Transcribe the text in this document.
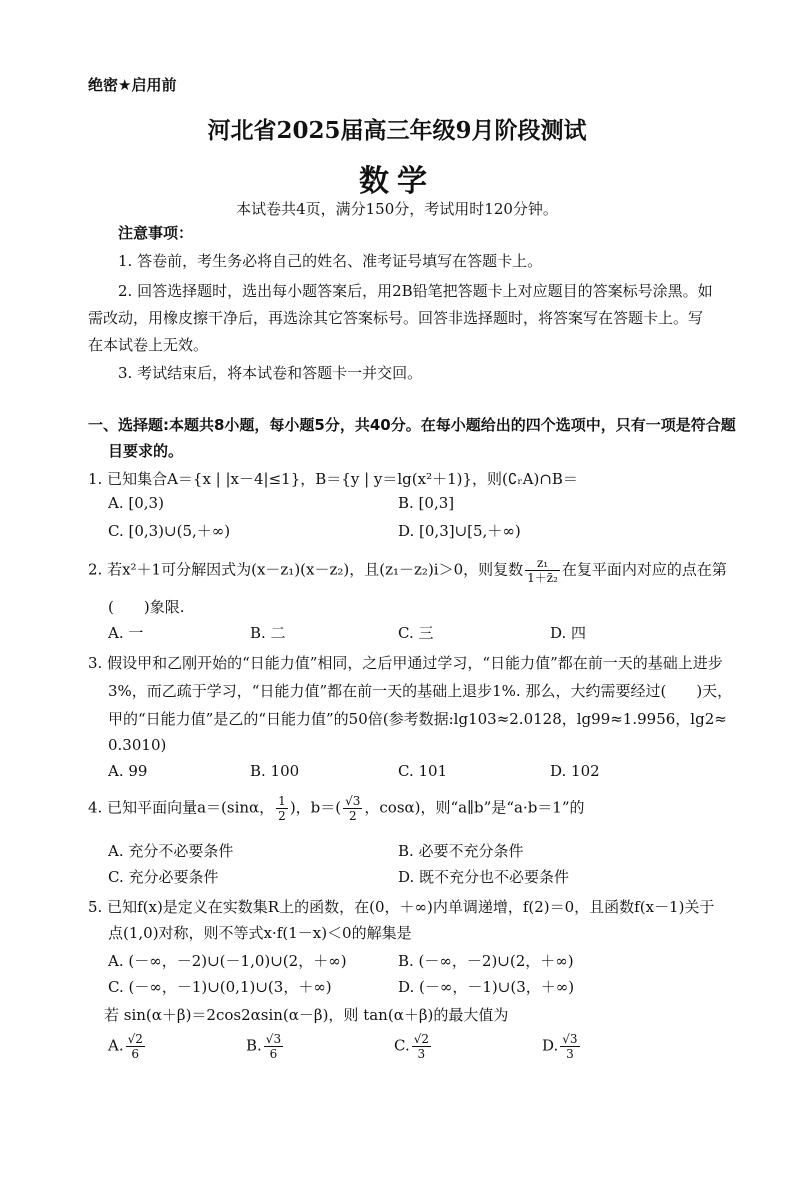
绝密★启用前
河北省2025届高三年级9月阶段测试
数学
本试卷共4页，满分150分，考试用时120分钟。
注意事项：
1. 答卷前，考生务必将自己的姓名、准考证号填写在答题卡上。
2. 回答选择题时，选出每小题答案后，用2B铅笔把答题卡上对应题目的答案标号涂黑。如
需改动，用橡皮擦干净后，再选涂其它答案标号。回答非选择题时，将答案写在答题卡上。写
在本试卷上无效。
3. 考试结束后，将本试卷和答题卡一并交回。
一、选择题:本题共8小题，每小题5分，共40分。在每小题给出的四个选项中，只有一项是符合题
目要求的。
1. 已知集合A＝{x | |x－4|≤1}，B＝{y | y＝lg(x²＋1)}，则(∁ᵣA)∩B＝
A. [0,3)	B. [0,3]
C. [0,3)∪(5,＋∞)	D. [0,3]∪[5,＋∞)
2. 若x²＋1可分解因式为(x－z₁)(x－z₂)，且(z₁－z₂)i＞0，则复数 $\frac{\text{z₁}}{\text{1＋z̄₂}}$ 在复平面内对应的点在第
(　　)象限.
A. 一	B. 二	C. 三	D. 四
3. 假设甲和乙刚开始的“日能力值”相同，之后甲通过学习，“日能力值”都在前一天的基础上进步
3%，而乙疏于学习，“日能力值”都在前一天的基础上退步1%. 那么，大约需要经过(　　)天，
甲的“日能力值”是乙的“日能力值”的50倍(参考数据:lg103≈2.0128，lg99≈1.9956，lg2≈
0.3010)
A. 99	B. 100	C. 101	D. 102
4. 已知平面向量a＝(sinα， $\frac{1}{2}$ )，$b=( \frac{√3}{2}$ ，cosα)，则“a∥b”是“a·b＝1”的
A. 充分不必要条件	B. 必要不充分条件
C. 充分必要条件	D. 既不充分也不必要条件
5. 已知f(x)是定义在实数集R上的函数，在(0，＋∞)内单调递增，f(2)＝0，且函数f(x－1)关于
点(1,0)对称，则不等式x·f(1－x)＜0的解集是
A. (－∞，－2)∪(－1,0)∪(2，＋∞)	B. (－∞，－2)∪(2，＋∞)
C. (－∞，－1)∪(0,1)∪(3，＋∞)	D. (－∞，－1)∪(3，＋∞)
若 sin(α＋β)＝2cos2αsin(α－β)，则 tan(α＋β)的最大值为
A. $\frac{√2}{6}$	B. $\frac{√3}{6}$	C. $\frac{√2}{3}$	D. $\frac{√3}{3}$
